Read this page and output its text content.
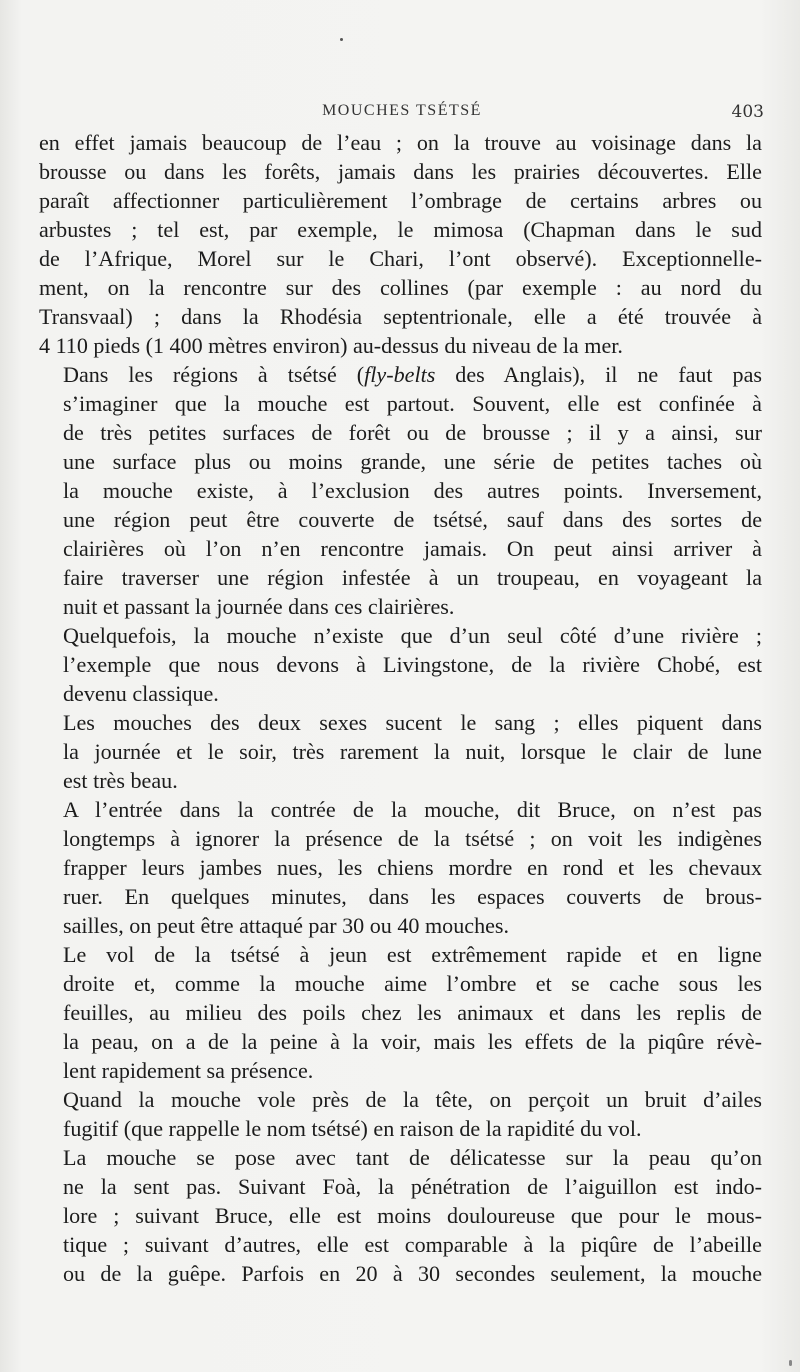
MOUCHES TSÉTSÉ	403

en effet jamais beaucoup de l’eau ; on la trouve au voisinage dans la
brousse ou dans les forêts, jamais dans les prairies découvertes. Elle
paraît affectionner particulièrement l’ombrage de certains arbres ou
arbustes ; tel est, par exemple, le mimosa (Chapman dans le sud
de l’Afrique, Morel sur le Chari, l’ont observé). Exceptionnelle-
ment, on la rencontre sur des collines (par exemple : au nord du
Transvaal) ; dans la Rhodésia septentrionale, elle a été trouvée à
4 110 pieds (1 400 mètres environ) au-dessus du niveau de la mer.

Dans les régions à tsétsé (fly-belts des Anglais), il ne faut pas
s’imaginer que la mouche est partout. Souvent, elle est confinée à
de très petites surfaces de forêt ou de brousse ; il y a ainsi, sur
une surface plus ou moins grande, une série de petites taches où
la mouche existe, à l’exclusion des autres points. Inversement,
une région peut être couverte de tsétsé, sauf dans des sortes de
clairières où l’on n’en rencontre jamais. On peut ainsi arriver à
faire traverser une région infestée à un troupeau, en voyageant la
nuit et passant la journée dans ces clairières.

Quelquefois, la mouche n’existe que d’un seul côté d’une rivière ;
l’exemple que nous devons à Livingstone, de la rivière Chobé, est
devenu classique.

Les mouches des deux sexes sucent le sang ; elles piquent dans
la journée et le soir, très rarement la nuit, lorsque le clair de lune
est très beau.

A l’entrée dans la contrée de la mouche, dit Bruce, on n’est pas
longtemps à ignorer la présence de la tsétsé ; on voit les indigènes
frapper leurs jambes nues, les chiens mordre en rond et les chevaux
ruer. En quelques minutes, dans les espaces couverts de brous-
sailles, on peut être attaqué par 30 ou 40 mouches.

Le vol de la tsétsé à jeun est extrêmement rapide et en ligne
droite et, comme la mouche aime l’ombre et se cache sous les
feuilles, au milieu des poils chez les animaux et dans les replis de
la peau, on a de la peine à la voir, mais les effets de la piqûre révè-
lent rapidement sa présence.

Quand la mouche vole près de la tête, on perçoit un bruit d’ailes
fugitif (que rappelle le nom tsétsé) en raison de la rapidité du vol.

La mouche se pose avec tant de délicatesse sur la peau qu’on
ne la sent pas. Suivant Foà, la pénétration de l’aiguillon est indo-
lore ; suivant Bruce, elle est moins douloureuse que pour le mous-
tique ; suivant d’autres, elle est comparable à la piqûre de l’abeille
ou de la guêpe. Parfois en 20 à 30 secondes seulement, la mouche
